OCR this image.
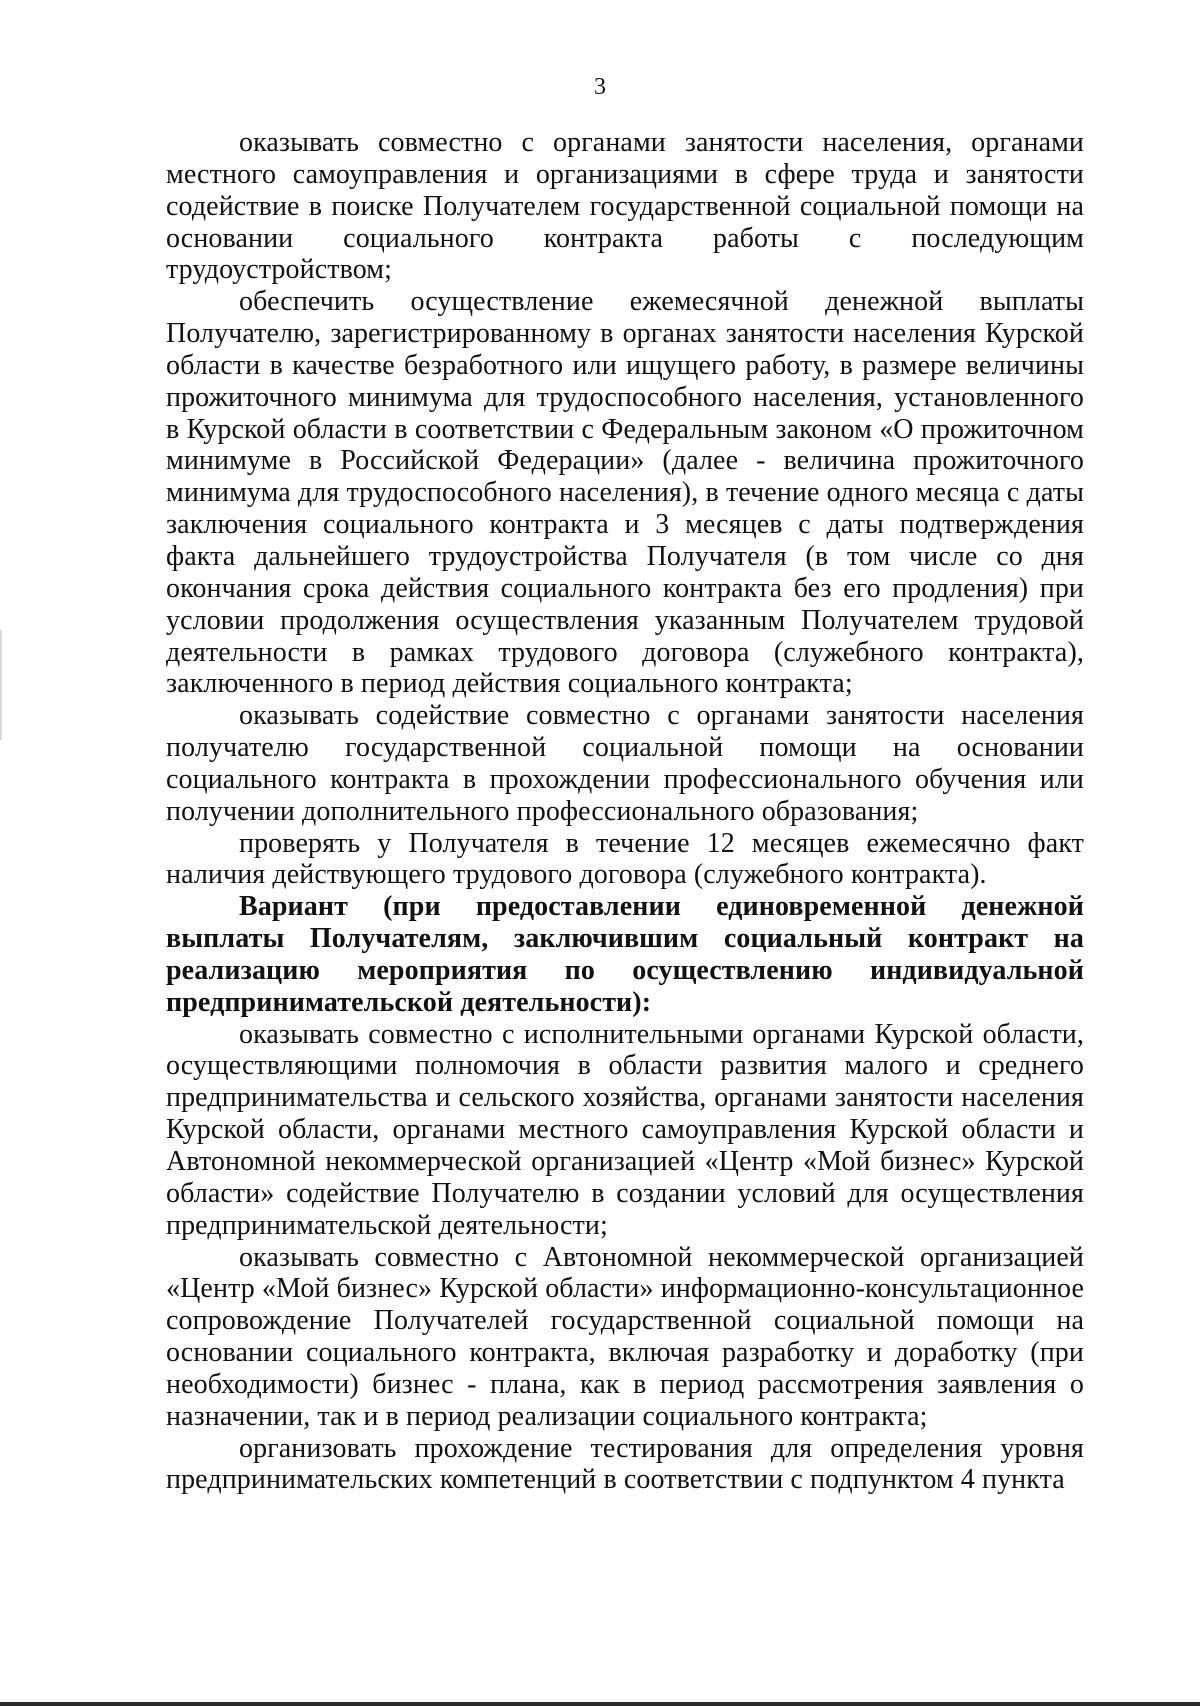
3

оказывать совместно с органами занятости населения, органами местного самоуправления и организациями в сфере труда и занятости содействие в поиске Получателем государственной социальной помощи на основании социального контракта работы с последующим трудоустройством;

обеспечить осуществление ежемесячной денежной выплаты Получателю, зарегистрированному в органах занятости населения Курской области в качестве безработного или ищущего работу, в размере величины прожиточного минимума для трудоспособного населения, установленного в Курской области в соответствии с Федеральным законом «О прожиточном минимуме в Российской Федерации» (далее - величина прожиточного минимума для трудоспособного населения), в течение одного месяца с даты заключения социального контракта и 3 месяцев с даты подтверждения факта дальнейшего трудоустройства Получателя (в том числе со дня окончания срока действия социального контракта без его продления) при условии продолжения осуществления указанным Получателем трудовой деятельности в рамках трудового договора (служебного контракта), заключенного в период действия социального контракта;

оказывать содействие совместно с органами занятости населения получателю государственной социальной помощи на основании социального контракта в прохождении профессионального обучения или получении дополнительного профессионального образования;

проверять у Получателя в течение 12 месяцев ежемесячно факт наличия действующего трудового договора (служебного контракта).

Вариант (при предоставлении единовременной денежной выплаты Получателям, заключившим социальный контракт на реализацию мероприятия по осуществлению индивидуальной предпринимательской деятельности):

оказывать совместно с исполнительными органами Курской области, осуществляющими полномочия в области развития малого и среднего предпринимательства и сельского хозяйства, органами занятости населения Курской области, органами местного самоуправления Курской области и Автономной некоммерческой организацией «Центр «Мой бизнес» Курской области» содействие Получателю в создании условий для осуществления предпринимательской деятельности;

оказывать совместно с Автономной некоммерческой организацией «Центр «Мой бизнес» Курской области» информационно-консультационное сопровождение Получателей государственной социальной помощи на основании социального контракта, включая разработку и доработку (при необходимости) бизнес - плана, как в период рассмотрения заявления о назначении, так и в период реализации социального контракта;

организовать прохождение тестирования для определения уровня предпринимательских компетенций в соответствии с подпунктом 4 пункта
